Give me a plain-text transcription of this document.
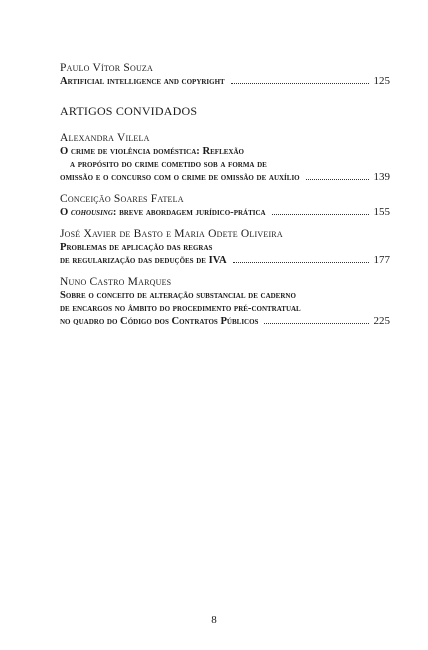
Paulo Vítor Souza
Artificial intelligence and copyright	125
ARTIGOS CONVIDADOS
Alexandra Vilela
O crime de violência doméstica: Reflexão
a propósito do crime cometido sob a forma de
omissão e o concurso com o crime de omissão de auxílio	139
Conceição Soares Fatela
O cohousing: breve abordagem jurídico-prática	155
José Xavier de Basto e Maria Odete Oliveira
Problemas de aplicação das regras
de regularização das deduções de IVA	177
Nuno Castro Marques
Sobre o conceito de alteração substancial de caderno
de encargos no âmbito do procedimento pré-contratual
no quadro do Código dos Contratos Públicos	225
8
